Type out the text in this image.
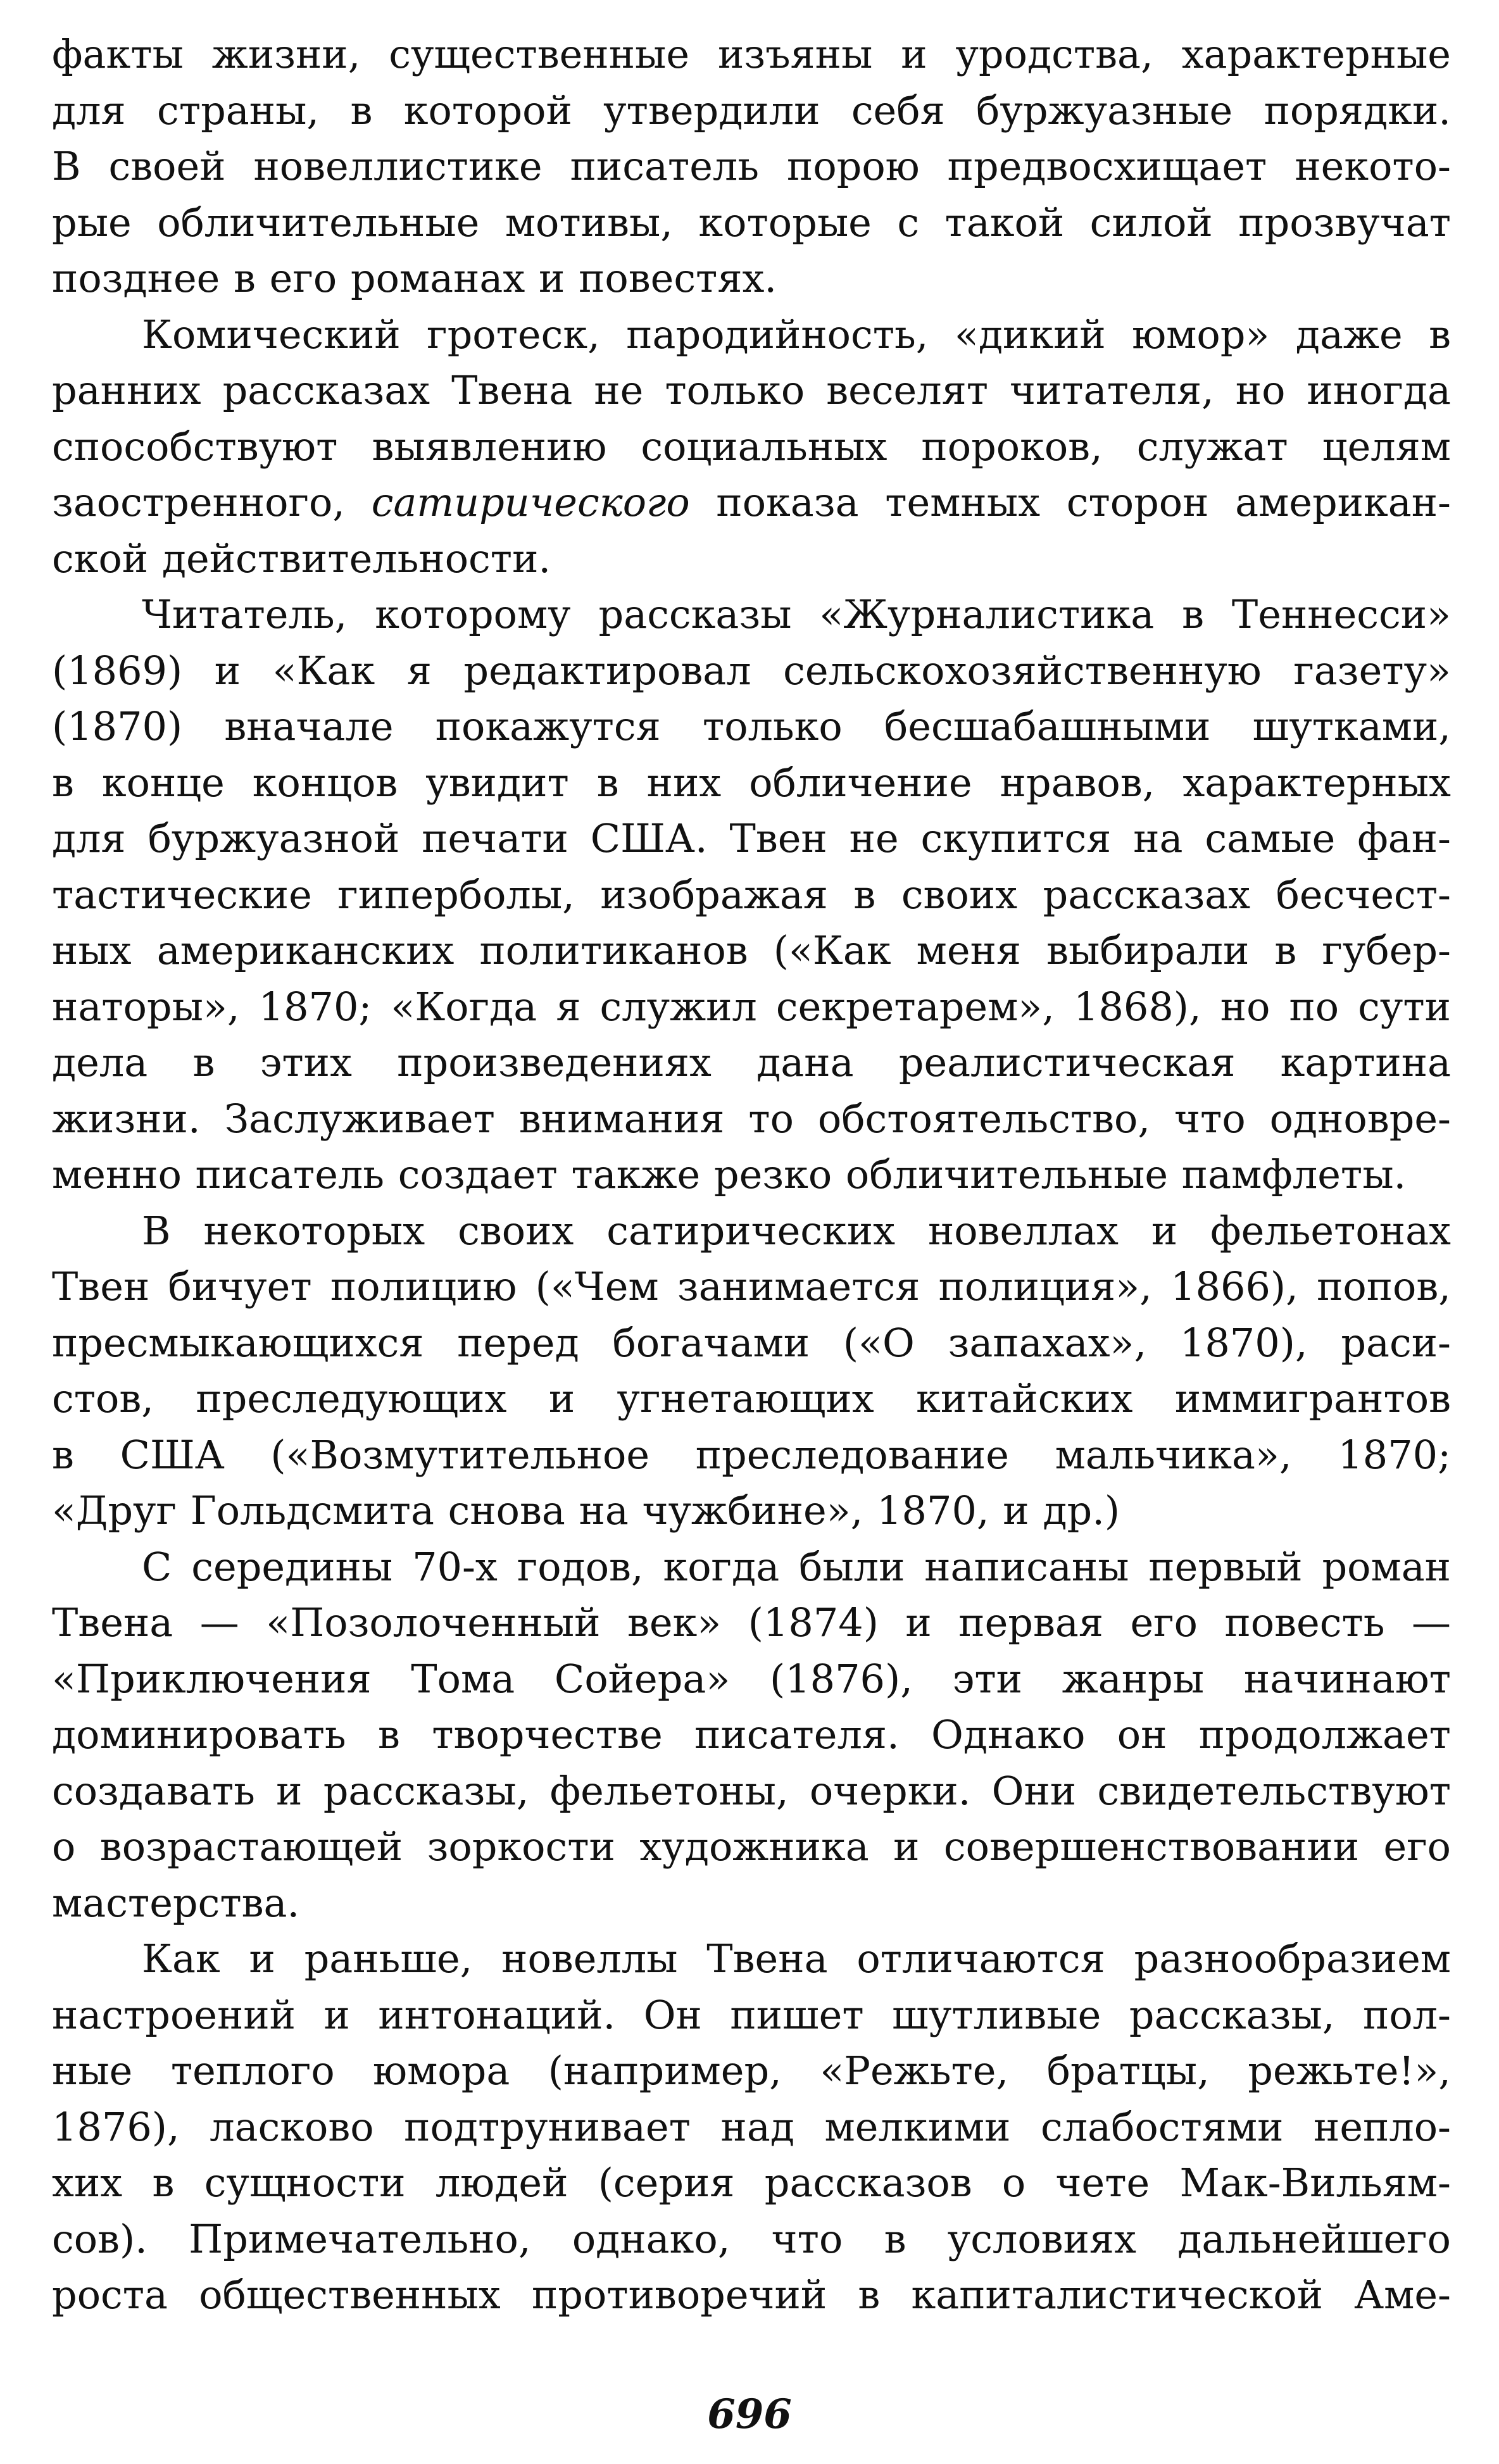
факты жизни, существенные изъяны и уродства, характерные
для страны, в которой утвердили себя буржуазные порядки.
В своей новеллистике писатель порою предвосхищает некото-
рые обличительные мотивы, которые с такой силой прозвучат
позднее в его романах и повестях.

Комический гротеск, пародийность, «дикий юмор» даже в
ранних рассказах Твена не только веселят читателя, но иногда
способствуют выявлению социальных пороков, служат целям
заостренного, сатирического показа темных сторон американ-
ской действительности.

Читатель, которому рассказы «Журналистика в Теннесси»
(1869) и «Как я редактировал сельскохозяйственную газету»
(1870) вначале покажутся только бесшабашными шутками,
в конце концов увидит в них обличение нравов, характерных
для буржуазной печати США. Твен не скупится на самые фан-
тастические гиперболы, изображая в своих рассказах бесчест-
ных американских политиканов («Как меня выбирали в губер-
наторы», 1870; «Когда я служил секретарем», 1868), но по сути
дела в этих произведениях дана реалистическая картина
жизни. Заслуживает внимания то обстоятельство, что одновре-
менно писатель создает также резко обличительные памфлеты.

В некоторых своих сатирических новеллах и фельетонах
Твен бичует полицию («Чем занимается полиция», 1866), попов,
пресмыкающихся перед богачами («О запахах», 1870), раси-
стов, преследующих и угнетающих китайских иммигрантов
в США («Возмутительное преследование мальчика», 1870;
«Друг Гольдсмита снова на чужбине», 1870, и др.)

С середины 70-х годов, когда были написаны первый роман
Твена — «Позолоченный век» (1874) и первая его повесть —
«Приключения Тома Сойера» (1876), эти жанры начинают
доминировать в творчестве писателя. Однако он продолжает
создавать и рассказы, фельетоны, очерки. Они свидетельствуют
о возрастающей зоркости художника и совершенствовании его
мастерства.

Как и раньше, новеллы Твена отличаются разнообразием
настроений и интонаций. Он пишет шутливые рассказы, пол-
ные теплого юмора (например, «Режьте, братцы, режьте!»,
1876), ласково подтрунивает над мелкими слабостями непло-
хих в сущности людей (серия рассказов о чете Мак-Вильям-
сов). Примечательно, однако, что в условиях дальнейшего
роста общественных противоречий в капиталистической Аме-

696
